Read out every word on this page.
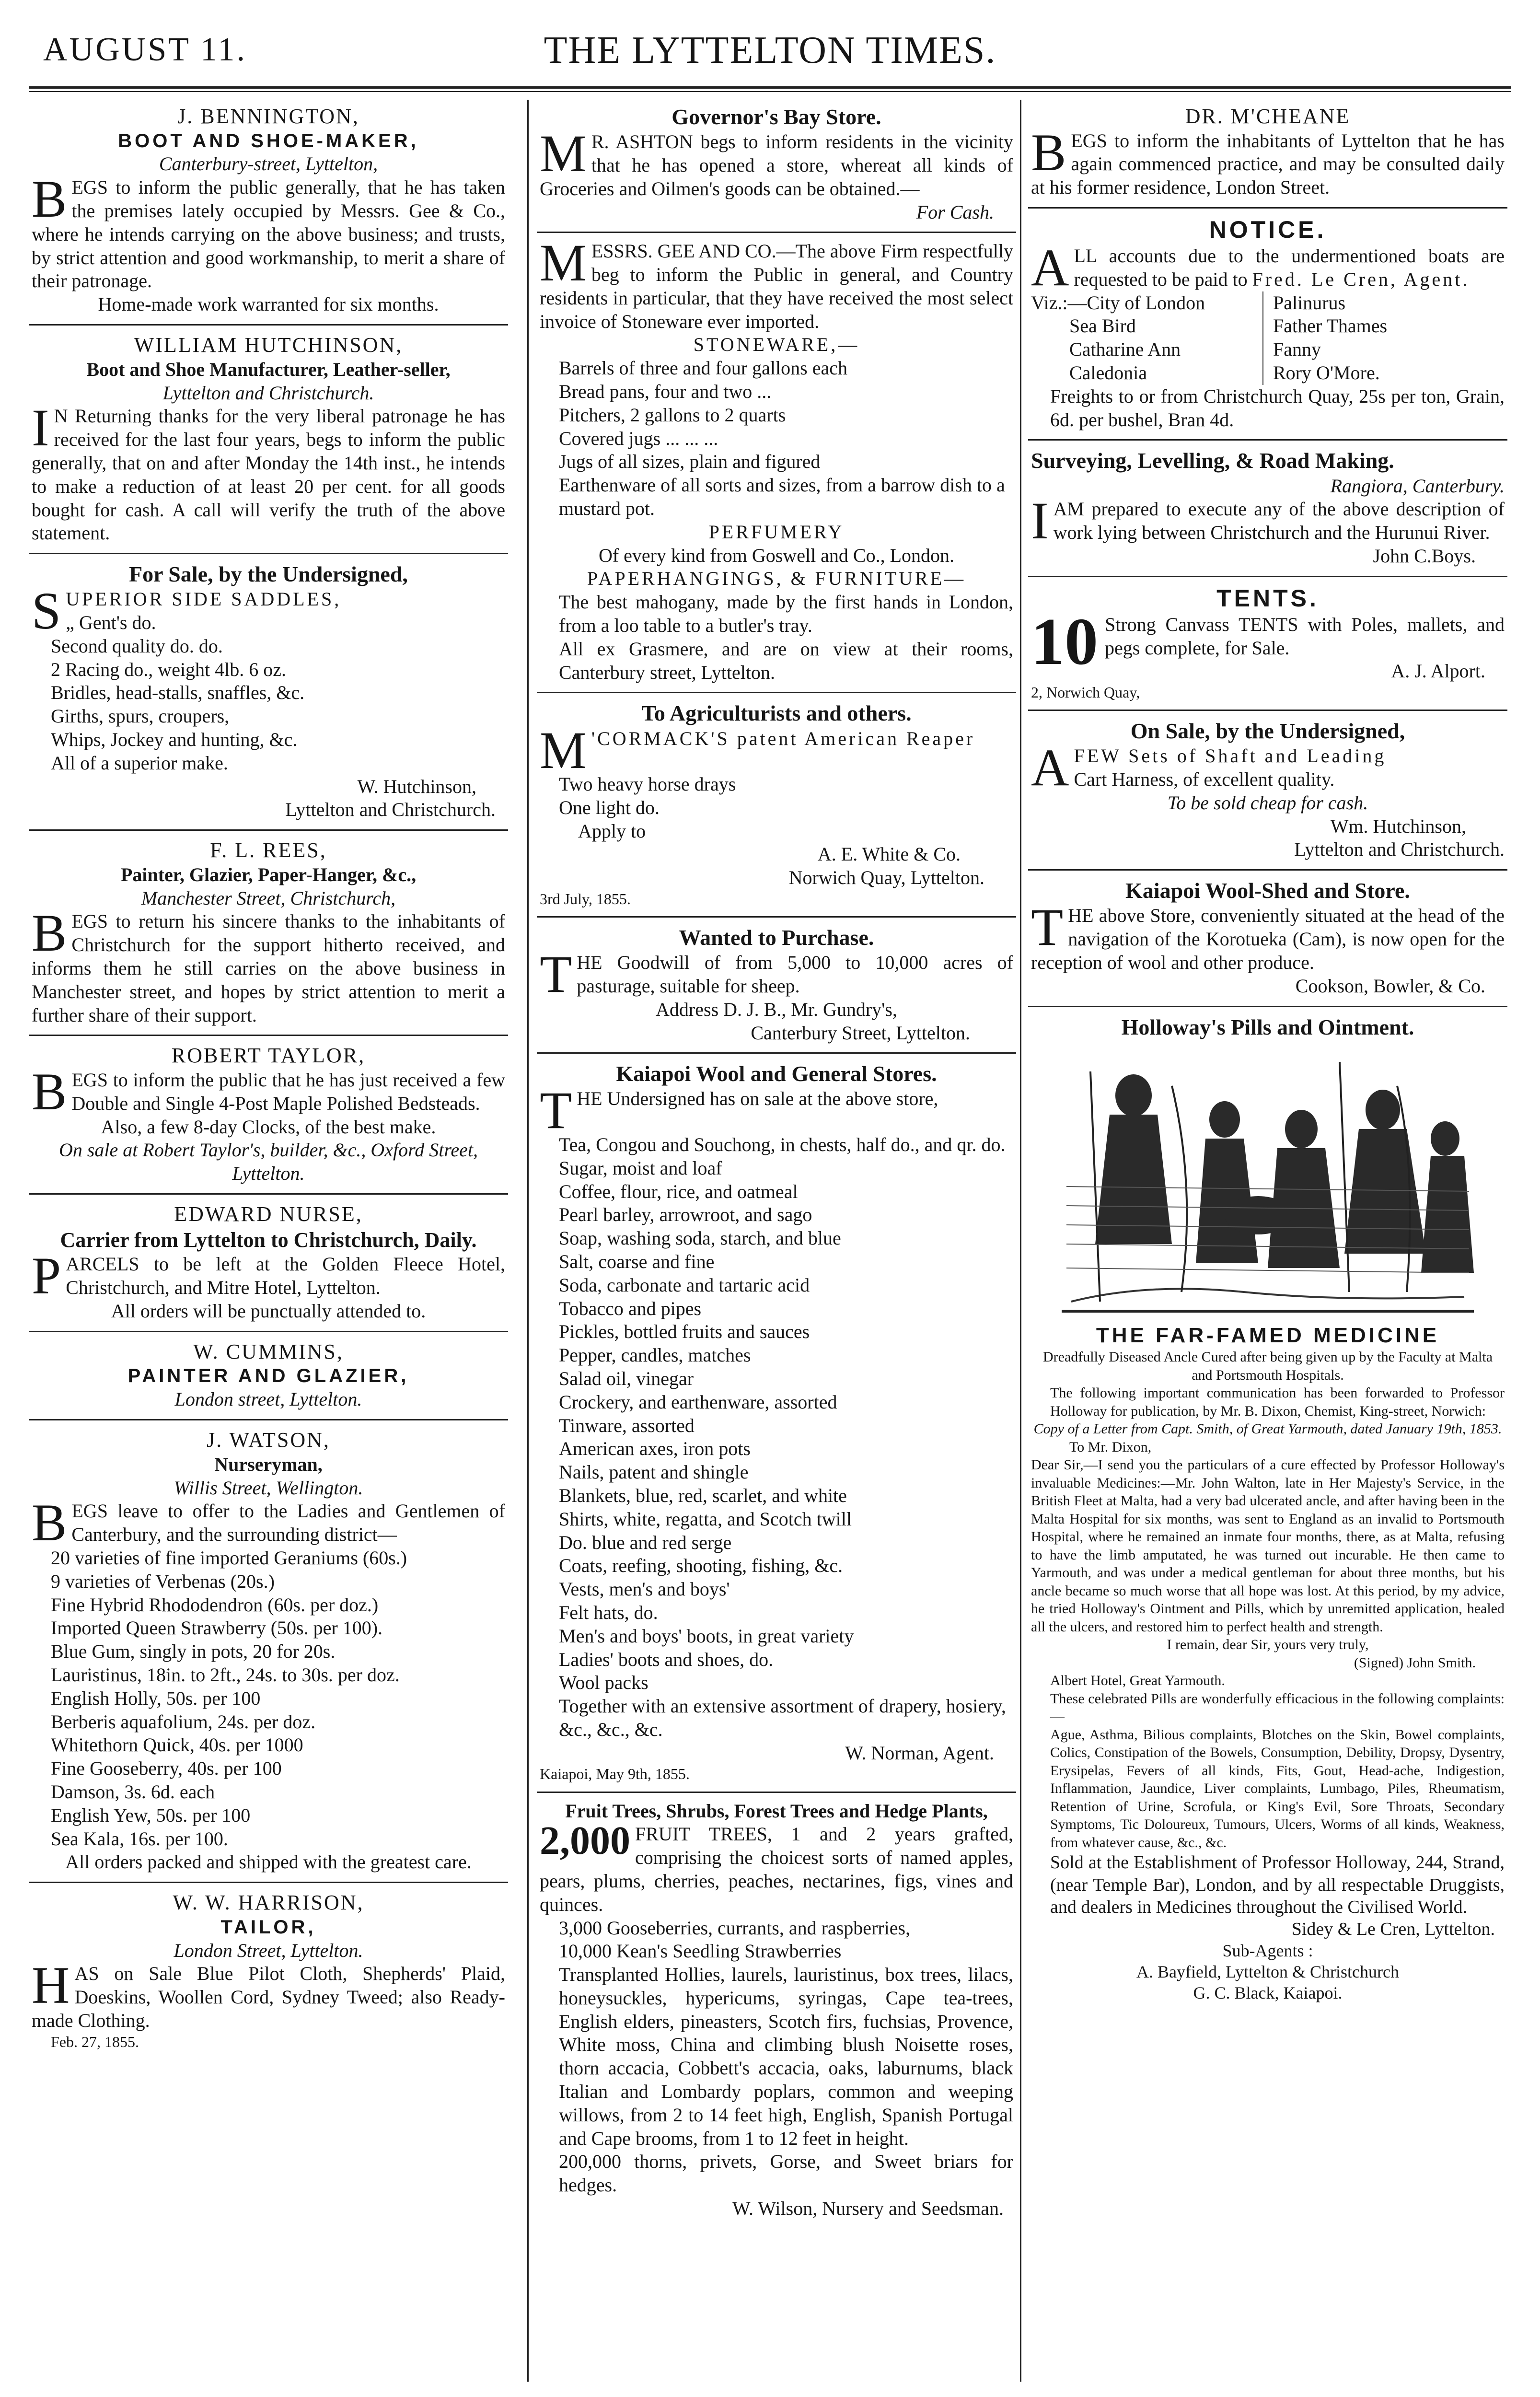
AUGUST 11.	THE LYTTELTON TIMES.
J. BENNINGTON,
BOOT AND SHOE-MAKER,
Canterbury-street, Lyttelton,
BEGS to inform the public generally, that he has taken the premises lately occupied by Messrs. Gee & Co., where he intends carrying on the above business; and trusts, by strict attention and good workmanship, to merit a share of their patronage.
Home-made work warranted for six months.
WILLIAM HUTCHINSON,
Boot and Shoe Manufacturer, Leather-seller,
Lyttelton and Christchurch.
I N Returning thanks for the very liberal patronage he has received for the last four years, begs to inform the public generally, that on and after Monday the 14th inst., he intends to make a reduction of at least 20 per cent. for all goods bought for cash. A call will verify the truth of the above statement.
For Sale, by the Undersigned,
SUPERIOR SIDE SADDLES,
„ Gent's do.
Second quality do. do.
2 Racing do., weight 4lb. 6 oz.
Bridles, head-stalls, snaffles, &c.
Girths, spurs, croupers,
Whips, Jockey and hunting, &c.
All of a superior make.
W. Hutchinson,
Lyttelton and Christchurch.
F. L. REES,
Painter, Glazier, Paper-Hanger, &c.,
Manchester Street, Christchurch,
BEGS to return his sincere thanks to the inhabitants of Christchurch for the support hitherto received, and informs them he still carries on the above business in Manchester street, and hopes by strict attention to merit a further share of their support.
ROBERT TAYLOR,
BEGS to inform the public that he has just received a few Double and Single 4-Post Maple Polished Bedsteads.
Also, a few 8-day Clocks, of the best make.
On sale at Robert Taylor's, builder, &c., Oxford Street, Lyttelton.
EDWARD NURSE,
Carrier from Lyttelton to Christchurch, Daily.
PARCELS to be left at the Golden Fleece Hotel, Christchurch, and Mitre Hotel, Lyttelton.
All orders will be punctually attended to.
W. CUMMINS,
PAINTER AND GLAZIER,
London street, Lyttelton.
J. WATSON,
Nurseryman,
Willis Street, Wellington.
BEGS leave to offer to the Ladies and Gentlemen of Canterbury, and the surrounding district—
20 varieties of fine imported Geraniums (60s.)
9 varieties of Verbenas (20s.)
Fine Hybrid Rhododendron (60s. per doz.)
Imported Queen Strawberry (50s. per 100).
Blue Gum, singly in pots, 20 for 20s.
Lauristinus, 18in. to 2ft., 24s. to 30s. per doz.
English Holly, 50s. per 100
Berberis aquafolium, 24s. per doz.
Whitethorn Quick, 40s. per 1000
Fine Gooseberry, 40s. per 100
Damson, 3s. 6d. each
English Yew, 50s. per 100
Sea Kala, 16s. per 100.
All orders packed and shipped with the greatest care.
W. W. HARRISON,
TAILOR,
London Street, Lyttelton.
HAS on Sale Blue Pilot Cloth, Shepherds' Plaid, Doeskins, Woollen Cord, Sydney Tweed; also Ready-made Clothing.
Feb. 27, 1855.
Governor's Bay Store.
M R. ASHTON begs to inform residents in the vicinity that he has opened a store, whereat all kinds of Groceries and Oilmen's goods can be obtained.—
For Cash.
MESSRS. GEE AND CO.—The above Firm respectfully beg to inform the Public in general, and Country residents in particular, that they have received the most select invoice of Stoneware ever imported.
STONEWARE,—
Barrels of three and four gallons each
Bread pans, four and two ...
Pitchers, 2 gallons to 2 quarts
Covered jugs ... ... ...
Jugs of all sizes, plain and figured
Earthenware of all sorts and sizes, from a barrow dish to a mustard pot.
PERFUMERY
Of every kind from Goswell and Co., London.
PAPERHANGINGS, & FURNITURE—
The best mahogany, made by the first hands in London, from a loo table to a butler's tray.
All ex Grasmere, and are on view at their rooms, Canterbury street, Lyttelton.
To Agriculturists and others.
M 'CORMACK'S patent American Reaper
Two heavy horse drays
One light do.
Apply to
A. E. White & Co.
Norwich Quay, Lyttelton.
3rd July, 1855.
Wanted to Purchase.
THE Goodwill of from 5,000 to 10,000 acres of pasturage, suitable for sheep.
Address D. J. B., Mr. Gundry's,
Canterbury Street, Lyttelton.
Kaiapoi Wool and General Stores.
THE Undersigned has on sale at the above store,
Tea, Congou and Souchong, in chests, half do., and qr. do.
Sugar, moist and loaf
Coffee, flour, rice, and oatmeal
Pearl barley, arrowroot, and sago
Soap, washing soda, starch, and blue
Salt, coarse and fine
Soda, carbonate and tartaric acid
Tobacco and pipes
Pickles, bottled fruits and sauces
Pepper, candles, matches
Salad oil, vinegar
Crockery, and earthenware, assorted
Tinware, assorted
American axes, iron pots
Nails, patent and shingle
Blankets, blue, red, scarlet, and white
Shirts, white, regatta, and Scotch twill
Do. blue and red serge
Coats, reefing, shooting, fishing, &c.
Vests, men's and boys'
Felt hats, do.
Men's and boys' boots, in great variety
Ladies' boots and shoes, do.
Wool packs
Together with an extensive assortment of drapery, hosiery, &c., &c., &c.
W. Norman, Agent.
Kaiapoi, May 9th, 1855.
Fruit Trees, Shrubs, Forest Trees and Hedge Plants,
2,000 FRUIT TREES, 1 and 2 years grafted, comprising the choicest sorts of named apples, pears, plums, cherries, peaches, nectarines, figs, vines and quinces.
3,000 Gooseberries, currants, and raspberries,
10,000 Kean's Seedling Strawberries
Transplanted Hollies, laurels, lauristinus, box trees, lilacs, honeysuckles, hypericums, syringas, Cape tea-trees, English elders, pineasters, Scotch firs, fuchsias, Provence, White moss, China and climbing blush Noisette roses, thorn accacia, Cobbett's accacia, oaks, laburnums, black Italian and Lombardy poplars, common and weeping willows, from 2 to 14 feet high, English, Spanish Portugal and Cape brooms, from 1 to 12 feet in height.
200,000 thorns, privets, Gorse, and Sweet briars for hedges.
W. Wilson, Nursery and Seedsman.
DR. M'CHEANE
BEGS to inform the inhabitants of Lyttelton that he has again commenced practice, and may be consulted daily at his former residence, London Street.
NOTICE.
ALL accounts due to the undermentioned boats are requested to be paid to Fred. Le Cren, Agent.
Viz.:—City of London
Sea Bird
Catharine Ann
Caledonia
Palinurus
Father Thames
Fanny
Rory O'More.
Freights to or from Christchurch Quay, 25s per ton, Grain, 6d. per bushel, Bran 4d.
Surveying, Levelling, & Road Making.
Rangiora, Canterbury.
IAM prepared to execute any of the above description of work lying between Christchurch and the Hurunui River.
John C.Boys.
TENTS.
10 Strong Canvass TENTS with Poles, mallets, and pegs complete, for Sale.
A. J. Alport.
2, Norwich Quay,
On Sale, by the Undersigned,
AFEW Sets of Shaft and Leading
Cart Harness, of excellent quality.
To be sold cheap for cash.
Wm. Hutchinson,
Lyttelton and Christchurch.
Kaiapoi Wool-Shed and Store.
THE above Store, conveniently situated at the head of the navigation of the Korotueka (Cam), is now open for the reception of wool and other produce.
Cookson, Bowler, & Co.
Holloway's Pills and Ointment.
THE FAR-FAMED MEDICINE
Dreadfully Diseased Ancle Cured after being given up by the Faculty at Malta and Portsmouth Hospitals.
The following important communication has been forwarded to Professor Holloway for publication, by Mr. B. Dixon, Chemist, King-street, Norwich:
Copy of a Letter from Capt. Smith, of Great Yarmouth, dated January 19th, 1853.
To Mr. Dixon,
Dear Sir,—I send you the particulars of a cure effected by Professor Holloway's invaluable Medicines:—Mr. John Walton, late in Her Majesty's Service, in the British Fleet at Malta, had a very bad ulcerated ancle, and after having been in the Malta Hospital for six months, was sent to England as an invalid to Portsmouth Hospital, where he remained an inmate four months, there, as at Malta, refusing to have the limb amputated, he was turned out incurable. He then came to Yarmouth, and was under a medical gentleman for about three months, but his ancle became so much worse that all hope was lost. At this period, by my advice, he tried Holloway's Ointment and Pills, which by unremitted application, healed all the ulcers, and restored him to perfect health and strength.
I remain, dear Sir, yours very truly,
(Signed) John Smith.
Albert Hotel, Great Yarmouth.
These celebrated Pills are wonderfully efficacious in the following complaints:—
Ague, Asthma, Bilious complaints, Blotches on the Skin, Bowel complaints, Colics, Constipation of the Bowels, Consumption, Debility, Dropsy, Dysentry, Erysipelas, Fevers of all kinds, Fits, Gout, Head-ache, Indigestion, Inflammation, Jaundice, Liver complaints, Lumbago, Piles, Rheumatism, Retention of Urine, Scrofula, or King's Evil, Sore Throats, Secondary Symptoms, Tic Doloureux, Tumours, Ulcers, Worms of all kinds, Weakness, from whatever cause, &c., &c.
Sold at the Establishment of Professor Holloway, 244, Strand, (near Temple Bar), London, and by all respectable Druggists, and dealers in Medicines throughout the Civilised World.
Sidey & Le Cren, Lyttelton.
Sub-Agents :
A. Bayfield, Lyttelton & Christchurch
G. C. Black, Kaiapoi.
